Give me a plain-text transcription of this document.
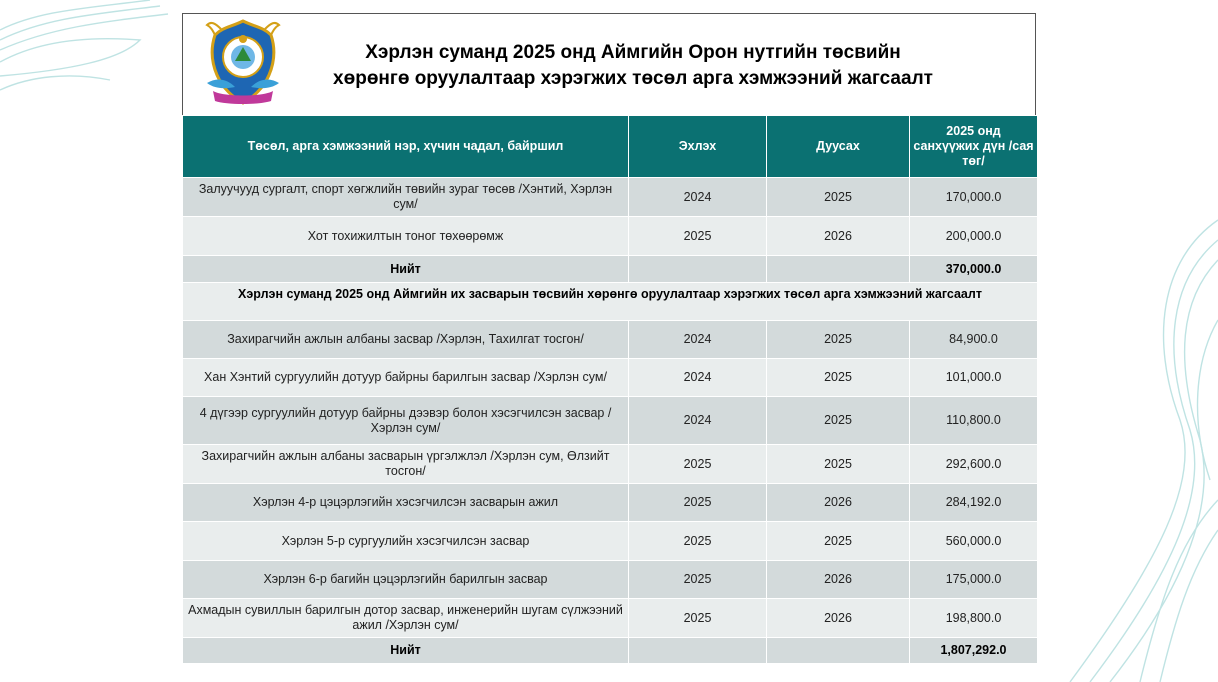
Хэрлэн суманд 2025 онд Аймгийн Орон нутгийн төсвийн
хөрөнгө оруулалтаар хэрэгжих төсөл арга хэмжээний жагсаалт
Төсөл, арга хэмжээний нэр, хүчин чадал, байршил	Эхлэх	Дуусах	2025 онд санхүүжих дүн /сая төг/
Залуучууд сургалт, спорт хөгжлийн төвийн зураг төсөв /Хэнтий, Хэрлэн сум/	2024	2025	170,000.0
Хот тохижилтын тоног төхөөрөмж	2025	2026	200,000.0
Нийт			370,000.0
Хэрлэн суманд 2025 онд Аймгийн их засварын төсвийн хөрөнгө оруулалтаар хэрэгжих төсөл арга хэмжээний жагсаалт			
Захирагчийн ажлын албаны засвар /Хэрлэн, Тахилгат тосгон/	2024	2025	84,900.0
Хан Хэнтий сургуулийн дотуур байрны барилгын засвар /Хэрлэн сум/	2024	2025	101,000.0
4 дүгээр сургуулийн дотуур байрны дээвэр болон хэсэгчилсэн засвар /Хэрлэн сум/	2024	2025	110,800.0
Захирагчийн ажлын албаны засварын үргэлжлэл /Хэрлэн сум, Өлзийт тосгон/	2025	2025	292,600.0
Хэрлэн 4-р цэцэрлэгийн хэсэгчилсэн засварын ажил	2025	2026	284,192.0
Хэрлэн 5-р сургуулийн хэсэгчилсэн засвар	2025	2025	560,000.0
Хэрлэн 6-р багийн цэцэрлэгийн барилгын засвар	2025	2026	175,000.0
Ахмадын сувиллын барилгын дотор засвар, инженерийн шугам сүлжээний ажил /Хэрлэн сум/	2025	2026	198,800.0
Нийт			1,807,292.0
